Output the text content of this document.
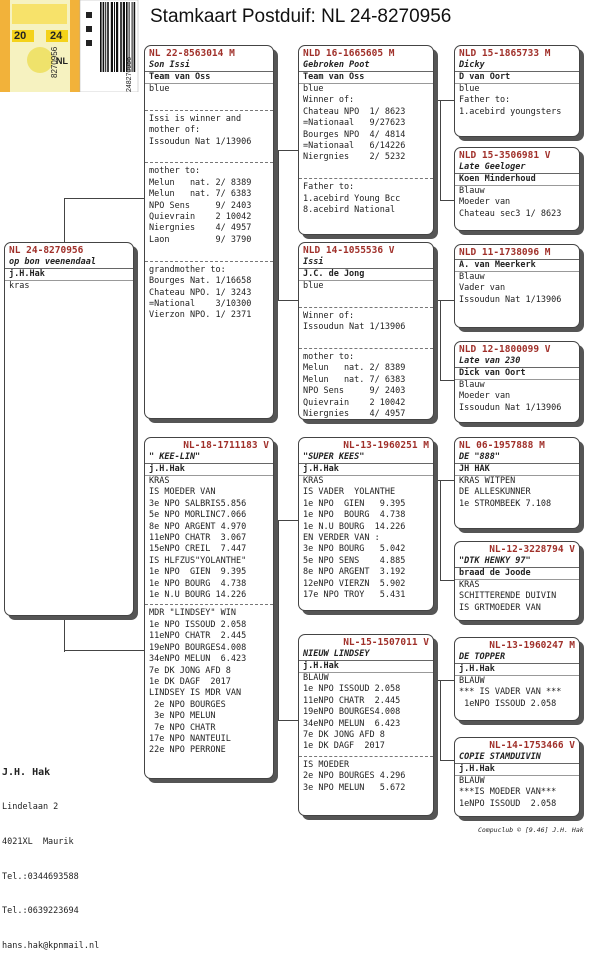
Stamkaart Postduif: NL 24-8270956
20 24
NL
8270956	248270956
NL 24-8270956
op bon veenendaal
j.H.Hak
kras
NL 22-8563014 M
Son Issi
Team van Oss
blue

Issi is winner and
mother of:
Issoudun Nat 1/13906

mother to:
Melun   nat. 2/ 8389
Melun   nat. 7/ 6383
NPO Sens     9/ 2403
Quievrain    2 10042
Niergnies    4/ 4957
Laon         9/ 3790

grandmother to:
Bourges Nat. 1/16658
Chateau NPO. 1/ 3243
=National    3/10300
Vierzon NPO. 1/ 2371
NL-18-1711183 V
" KEE-LIN"
j.H.Hak
KRAS
IS MOEDER VAN
3e NPO SALBRIS5.856
5e NPO MORLINC7.066
8e NPO ARGENT 4.970
11eNPO CHATR  3.067
15eNPO CREIL  7.447
IS HLFZUS"YOLANTHE"
1e NPO  GIEN  9.395
1e NPO BOURG  4.738
1e N.U BOURG 14.226
MDR "LINDSEY" WIN
1e NPO ISSOUD 2.058
11eNPO CHATR  2.445
19eNPO BOURGES4.008
34eNPO MELUN  6.423
7e DK JONG AFD 8
1e DK DAGF  2017
LINDSEY IS MDR VAN
2e NPO BOURGES
3e NPO MELUN
7e NPO CHATR
17e NPO NANTEUIL
22e NPO PERRONE
NLD 16-1665605 M
Gebroken Poot
Team van Oss
blue
Winner of:
Chateau NPO  1/ 8623
=Nationaal   9/27623
Bourges NPO  4/ 4814
=Nationaal   6/14226
Niergnies    2/ 5232

Father to:
1.acebird Young Bcc
8.acebird National
NLD 14-1055536 V
Issi
J.C. de Jong
blue

Winner of:
Issoudun Nat 1/13906

mother to:
Melun   nat. 2/ 8389
Melun   nat. 7/ 6383
NPO Sens     9/ 2403
Quievrain    2 10042
Niergnies    4/ 4957
NL-13-1960251 M
"SUPER KEES"
j.H.Hak
KRAS
IS VADER  YOLANTHE
1e NPO  GIEN   9.395
1e NPO  BOURG  4.738
1e N.U BOURG  14.226
EN VERDER VAN :
3e NPO BOURG   5.042
5e NPO SENS    4.885
8e NPO ARGENT  3.192
12eNPO VIERZN  5.902
17e NPO TROY   5.431
NL-15-1507011 V
NIEUW LINDSEY
j.H.Hak
BLAUW
1e NPO ISSOUD 2.058
11eNPO CHATR  2.445
19eNPO BOURGES4.008
34eNPO MELUN  6.423
7e DK JONG AFD 8
1e DK DAGF  2017
IS MOEDER
2e NPO BOURGES 4.296
3e NPO MELUN   5.672
NLD 15-1865733 M
Dicky
D van Oort
blue
Father to:
1.acebird youngsters
NLD 15-3506981 V
Late Geeloger
Koen Minderhoud
Blauw
Moeder van
Chateau sec3 1/ 8623
NLD 11-1738096 M
A. van Meerkerk
Blauw
Vader van
Issoudun Nat 1/13906
NLD 12-1800099 V
Late van 230
Dick van Oort
Blauw
Moeder van
Issoudun Nat 1/13906
NL 06-1957888 M
DE "888"
JH HAK
KRAS WITPEN
DE ALLESKUNNER
1e STROMBEEK 7.108
NL-12-3228794 V
"DTK HENKY 97"
braad de Joode
KRAS
SCHITTERENDE DUIVIN
IS GRTMOEDER VAN
NL-13-1960247 M
DE TOPPER
j.H.Hak
BLAUW
*** IS VADER VAN ***
1eNPO ISSOUD 2.058
NL-14-1753466 V
COPIE STAMDUIVIN
j.H.Hak
BLAUW
***IS MOEDER VAN***
1eNPO ISSOUD  2.058

J.H. Hak

Lindelaan 2

4021XL  Maurik

Tel.:0344693588

Tel.:0639223694

hans.hak@kpnmail.nl

Compuclub © [9.46] J.H. Hak
